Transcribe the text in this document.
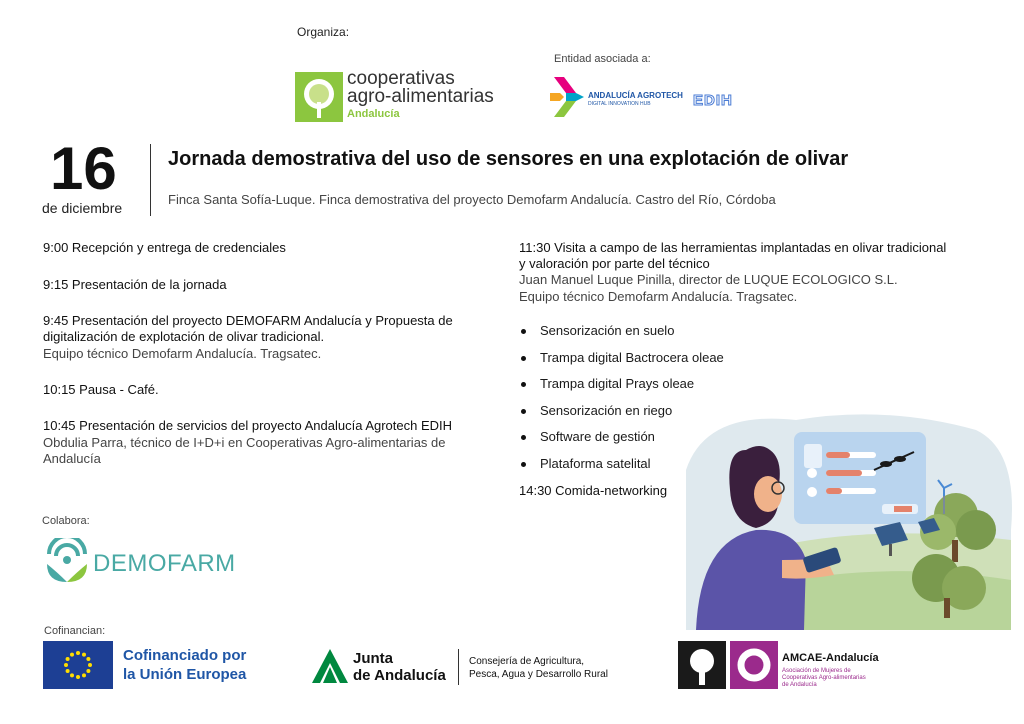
Organiza:
Entidad asociada a:
cooperativas
agro-alimentarias
Andalucía
ANDALUCÍA AGROTECH
DIGITAL INNOVATION HUB	EDIH
16
de diciembre
Jornada demostrativa del uso de sensores en una explotación de olivar
Finca Santa Sofía-Luque. Finca demostrativa del proyecto Demofarm Andalucía. Castro del Río, Córdoba
9:00 Recepción y entrega de credenciales
9:15 Presentación de la jornada
9:45 Presentación del proyecto DEMOFARM Andalucía y Propuesta de
digitalización de explotación de olivar tradicional.
Equipo técnico Demofarm Andalucía. Tragsatec.
10:15 Pausa - Café.
10:45 Presentación de servicios del proyecto Andalucía Agrotech EDIH
Obdulia Parra, técnico de I+D+i en Cooperativas Agro-alimentarias de
Andalucía
11:30 Visita a campo de las herramientas implantadas en olivar tradicional
y valoración por parte del técnico
Juan Manuel Luque Pinilla, director de LUQUE ECOLOGICO S.L.
Equipo técnico Demofarm Andalucía. Tragsatec.
Sensorización en suelo
Trampa digital Bactrocera oleae
Trampa digital Prays oleae
Sensorización en riego
Software de gestión
Plataforma satelital
14:30 Comida-networking
Colabora:
DEMOFARM
Cofinancian:
Cofinanciado por
la Unión Europea
Junta
de Andalucía
Consejería de Agricultura,
Pesca, Agua y Desarrollo Rural
AMCAE-Andalucía
Asociación de Mujeres de
Cooperativas Agro-alimentarias
de Andalucía
